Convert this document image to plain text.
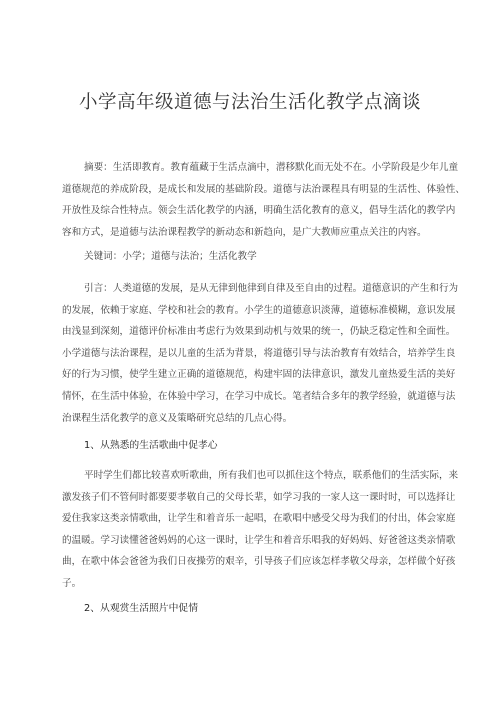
小学高年级道德与法治生活化教学点滴谈
摘要：生活即教育。教育蕴藏于生活点滴中，潜移默化而无处不在。小学阶段是少年儿童
道德规范的养成阶段，是成长和发展的基础阶段。道德与法治课程具有明显的生活性、体验性、
开放性及综合性特点。领会生活化教学的内涵，明确生活化教育的意义，倡导生活化的教学内
容和方式，是道德与法治课程教学的新动态和新趋向，是广大教师应重点关注的内容。
关键词：小学；道德与法治；生活化教学
引言：人类道德的发展，是从无律到他律到自律及至自由的过程。道德意识的产生和行为
的发展，依赖于家庭、学校和社会的教育。小学生的道德意识淡薄，道德标准模糊，意识发展
由浅显到深刻，道德评价标准由考虑行为效果到动机与效果的统一，仍缺乏稳定性和全面性。
小学道德与法治课程，是以儿童的生活为背景，将道德引导与法治教育有效结合，培养学生良
好的行为习惯，使学生建立正确的道德规范，构建牢固的法律意识，激发儿童热爱生活的美好
情怀，在生活中体验，在体验中学习，在学习中成长。笔者结合多年的教学经验，就道德与法
治课程生活化教学的意义及策略研究总结的几点心得。
1、从熟悉的生活歌曲中促孝心
平时学生们都比较喜欢听歌曲，所有我们也可以抓住这个特点，联系他们的生活实际，来
激发孩子们不管何时都要要孝敬自己的父母长辈，如学习我的一家人这一课时时，可以选择让
爱住我家这类亲情歌曲，让学生和着音乐一起唱，在歌唱中感受父母为我们的付出，体会家庭
的温暖。学习读懂爸爸妈妈的心这一课时，让学生和着音乐唱我的好妈妈、好爸爸这类亲情歌
曲，在歌中体会爸爸为我们日夜操劳的艰辛，引导孩子们应该怎样孝敬父母亲，怎样做个好孩
子。
2、从观赏生活照片中促情
